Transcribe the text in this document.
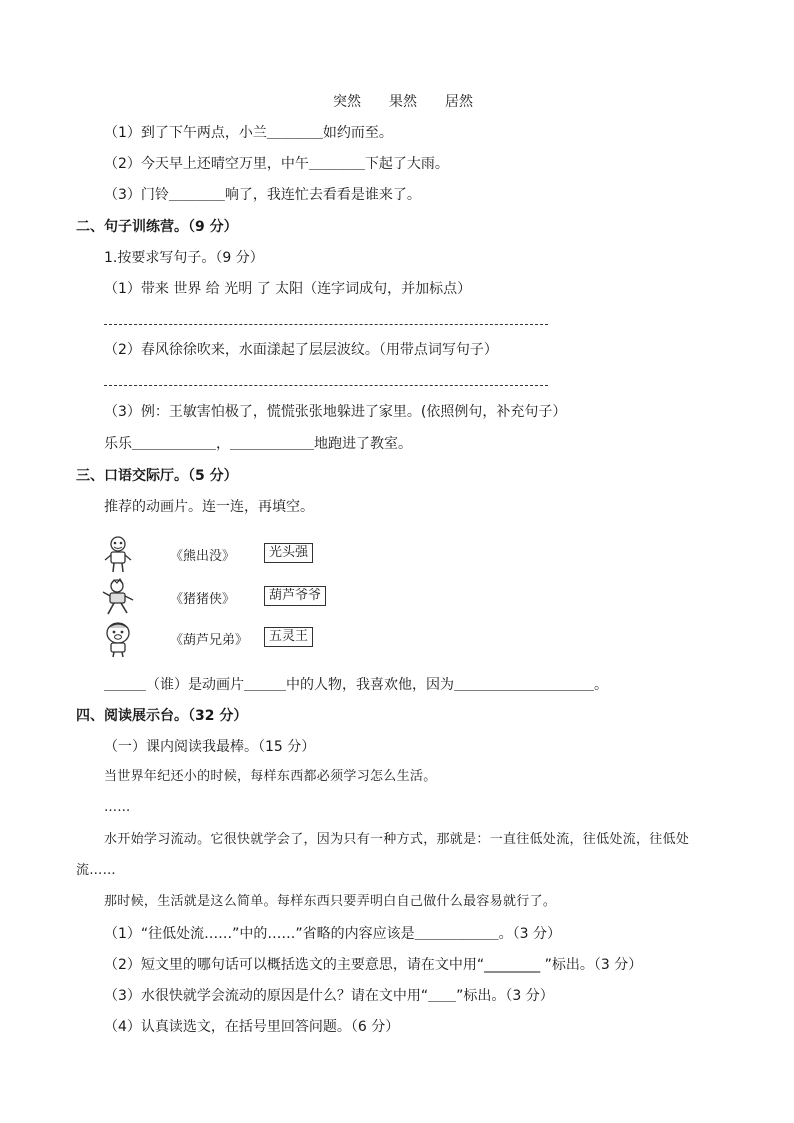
突然　　果然　　居然
（1）到了下午两点，小兰＿＿＿＿如约而至。
（2）今天早上还晴空万里，中午＿＿＿＿下起了大雨。
（3）门铃＿＿＿＿响了，我连忙去看看是谁来了。
二、句子训练营。（9 分）
1.按要求写句子。（9 分）
（1）带来 世界 给 光明 了 太阳（连字词成句，并加标点）
（2）春风徐徐吹来，水面漾起了层层波纹。（用带点词写句子）
（3）例：王敏害怕极了，慌慌张张地躲进了家里。(依照例句，补充句子）
乐乐＿＿＿＿＿＿，＿＿＿＿＿＿地跑进了教室。
三、口语交际厅。（5 分）
推荐的动画片。连一连，再填空。
《熊出没》	光头强
《猪猪侠》	葫芦爷爷
《葫芦兄弟》	五灵王
＿＿＿（谁）是动画片＿＿＿中的人物，我喜欢他，因为＿＿＿＿＿＿＿＿＿＿。
四、阅读展示台。（32 分）
（一）课内阅读我最棒。（15 分）
当世界年纪还小的时候，每样东西都必须学习怎么生活。
……
水开始学习流动。它很快就学会了，因为只有一种方式，那就是：一直往低处流，往低处流，往低处
流……
那时候，生活就是这么简单。每样东西只要弄明白自己做什么最容易就行了。
（1）“往低处流……”中的……”省略的内容应该是＿＿＿＿＿＿。（3 分）
（2）短文里的哪句话可以概括选文的主要意思，请在文中用“________ ”标出。（3 分）
（3）水很快就学会流动的原因是什么？请在文中用“＿＿”标出。（3 分）
（4）认真读选文，在括号里回答问题。（6 分）
